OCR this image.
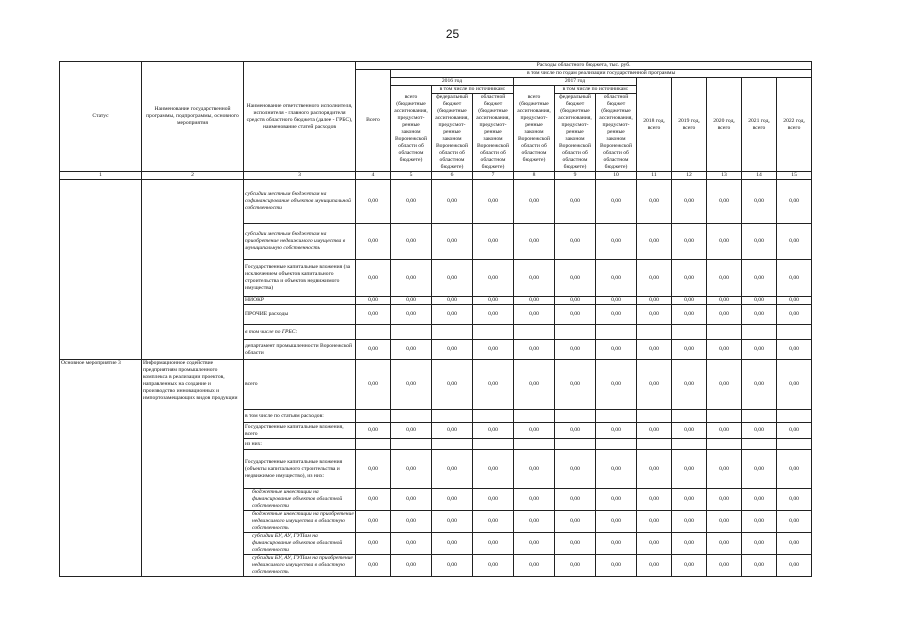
25
Статус	Наименование государственной программы, подпрограммы, основного мероприятия	Наименование ответственного исполнителя, исполнителя - главного распорядителя средств областного бюджета (далее - ГРБС), наименование статей расходов	Расходы областного бюджета, тыс. руб.											
			Всего	в том числе по годам реализации государственной программы										
				2016 год			2017 год			2018 год, всего	2019 год, всего	2020 год, всего	2021 год, всего	2022 год, всего
				всего (бюджетные ассигнования, предусмот-ренные законом Воронежской области об областном бюджете)	в том числе по источникам:		всего (бюджетные ассигнования, предусмот-ренные законом Воронежской области об областном бюджете)	в том числе по источникам:						
					федеральный бюджет (бюджетные ассигнования, предусмот-ренные законом Воронежской области об областном бюджете)	областной бюджет (бюджетные ассигнования, предусмот-ренные законом Воронежской области об областном бюджете)		федеральный бюджет (бюджетные ассигнования, предусмот-ренные законом Воронежской области об областном бюджете)	областной бюджет (бюджетные ассигнования, предусмот-ренные законом Воронежской области об областном бюджете)					
1	2	3	4	5	6	7	8	9	10	11	12	13	14	15
		субсидии местным бюджетам на софинансирование объектов муниципальной собственности	0,00	0,00	0,00	0,00	0,00	0,00	0,00	0,00	0,00	0,00	0,00	0,00
		субсидии местным бюджетам на приобретение недвижимого имущества в муниципальную собственность	0,00	0,00	0,00	0,00	0,00	0,00	0,00	0,00	0,00	0,00	0,00	0,00
		Государственные капитальные вложения (за исключением объектов капитального строительства и объектов недвижимого имущества)	0,00	0,00	0,00	0,00	0,00	0,00	0,00	0,00	0,00	0,00	0,00	0,00
		НИОКР	0,00	0,00	0,00	0,00	0,00	0,00	0,00	0,00	0,00	0,00	0,00	0,00
		ПРОЧИЕ расходы	0,00	0,00	0,00	0,00	0,00	0,00	0,00	0,00	0,00	0,00	0,00	0,00
		в том числе по ГРБС:												
		департамент промышленности Воронежской области	0,00	0,00	0,00	0,00	0,00	0,00	0,00	0,00	0,00	0,00	0,00	0,00
Основное мероприятие 3	Информационное содействие предприятиям промышленного комплекса в реализации проектов, направленных на создание и производство инновационных и импортозамещающих видов продукции	всего	0,00	0,00	0,00	0,00	0,00	0,00	0,00	0,00	0,00	0,00	0,00	0,00
		в том числе по статьям расходов:												
		Государственные капитальные вложения, всего	0,00	0,00	0,00	0,00	0,00	0,00	0,00	0,00	0,00	0,00	0,00	0,00
		из них:												
		Государственные капитальные вложения (объекты капитального строительства и недвижимое имущество), из них:	0,00	0,00	0,00	0,00	0,00	0,00	0,00	0,00	0,00	0,00	0,00	0,00
		бюджетные инвестиции на финансирование объектов областной собственности	0,00	0,00	0,00	0,00	0,00	0,00	0,00	0,00	0,00	0,00	0,00	0,00
		бюджетные инвестиции на приобретение недвижимого имущества в областную собственность	0,00	0,00	0,00	0,00	0,00	0,00	0,00	0,00	0,00	0,00	0,00	0,00
		субсидии БУ, АУ, ГУПам на финансирование объектов областной собственности	0,00	0,00	0,00	0,00	0,00	0,00	0,00	0,00	0,00	0,00	0,00	0,00
		субсидии БУ, АУ, ГУПам на приобретение недвижимого имущества в областную собственность	0,00	0,00	0,00	0,00	0,00	0,00	0,00	0,00	0,00	0,00	0,00	0,00
